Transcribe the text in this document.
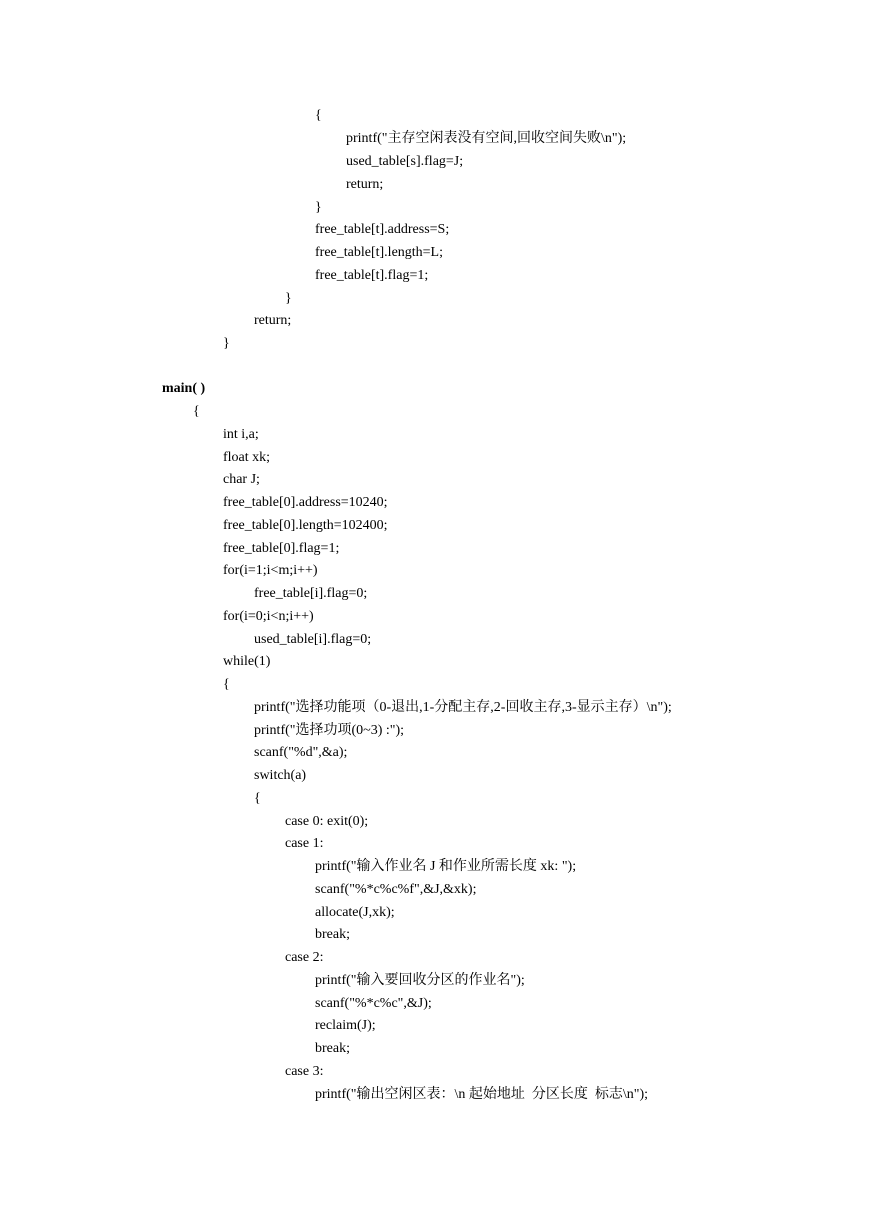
{
printf("主存空闲表没有空间,回收空间失败\n");
used_table[s].flag=J;
return;
}
free_table[t].address=S;
free_table[t].length=L;
free_table[t].flag=1;
}
return;
}
main( )
{
int i,a;
float xk;
char J;
free_table[0].address=10240;
free_table[0].length=102400;
free_table[0].flag=1;
for(i=1;i<m;i++)
free_table[i].flag=0;
for(i=0;i<n;i++)
used_table[i].flag=0;
while(1)
{
printf("选择功能项（0-退出,1-分配主存,2-回收主存,3-显示主存）\n");
printf("选择功项(0~3) :");
scanf("%d",&a);
switch(a)
{
case 0: exit(0);
case 1:
printf("输入作业名 J 和作业所需长度 xk: ");
scanf("%*c%c%f",&J,&xk);
allocate(J,xk);
break;
case 2:
printf("输入要回收分区的作业名");
scanf("%*c%c",&J);
reclaim(J);
break;
case 3:
printf("输出空闲区表：\n 起始地址  分区长度  标志\n");
